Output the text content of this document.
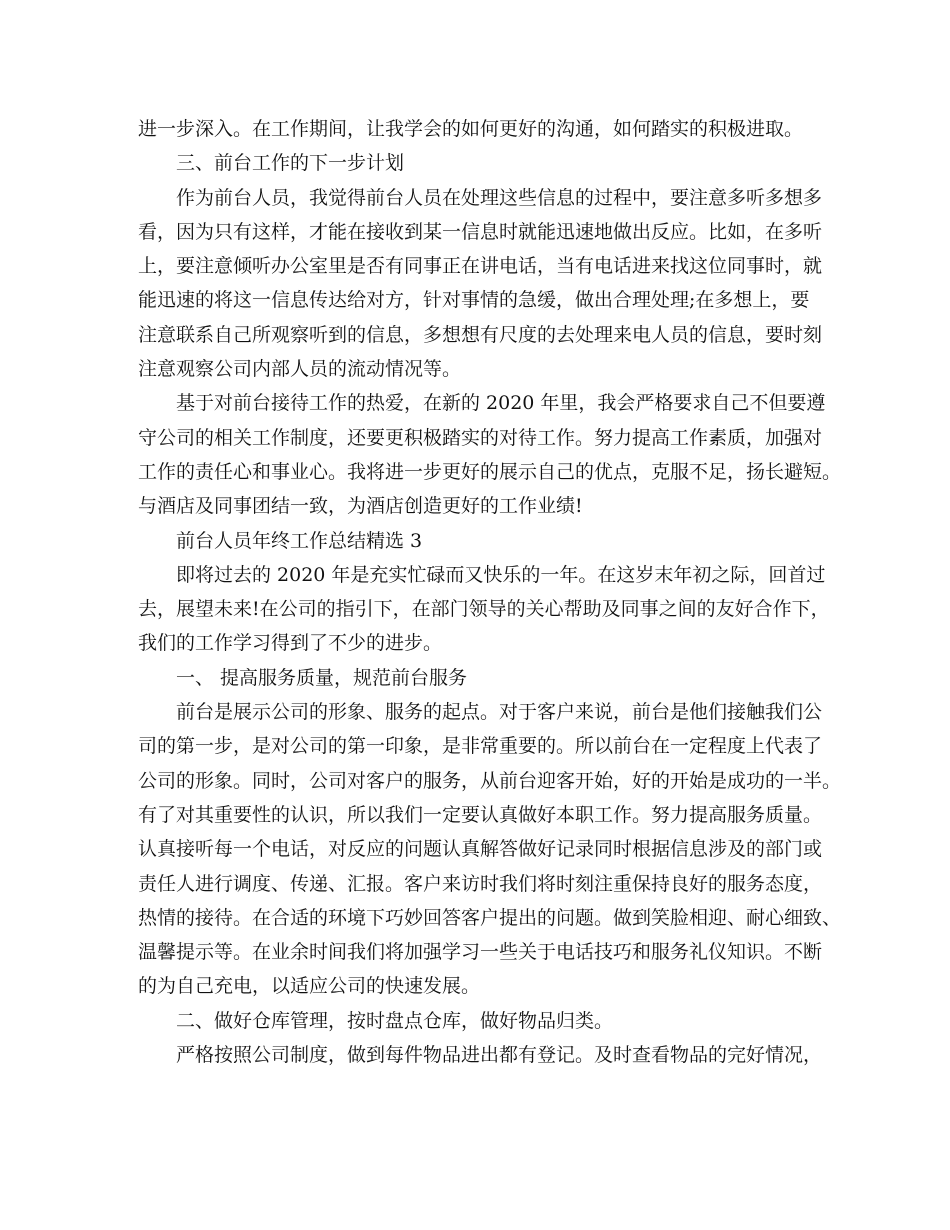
进一步深入。在工作期间，让我学会的如何更好的沟通，如何踏实的积极进取。
三、前台工作的下一步计划
作为前台人员，我觉得前台人员在处理这些信息的过程中，要注意多听多想多
看，因为只有这样，才能在接收到某一信息时就能迅速地做出反应。比如，在多听
上，要注意倾听办公室里是否有同事正在讲电话，当有电话进来找这位同事时，就
能迅速的将这一信息传达给对方，针对事情的急缓，做出合理处理;在多想上，要
注意联系自己所观察听到的信息，多想想有尺度的去处理来电人员的信息，要时刻
注意观察公司内部人员的流动情况等。
基于对前台接待工作的热爱，在新的 2020 年里，我会严格要求自己不但要遵
守公司的相关工作制度，还要更积极踏实的对待工作。努力提高工作素质，加强对
工作的责任心和事业心。我将进一步更好的展示自己的优点，克服不足，扬长避短。
与酒店及同事团结一致，为酒店创造更好的工作业绩!
前台人员年终工作总结精选 3
即将过去的 2020 年是充实忙碌而又快乐的一年。在这岁末年初之际，回首过
去，展望未来!在公司的指引下，在部门领导的关心帮助及同事之间的友好合作下，
我们的工作学习得到了不少的进步。
一、 提高服务质量，规范前台服务
前台是展示公司的形象、服务的起点。对于客户来说，前台是他们接触我们公
司的第一步，是对公司的第一印象，是非常重要的。所以前台在一定程度上代表了
公司的形象。同时，公司对客户的服务，从前台迎客开始，好的开始是成功的一半。
有了对其重要性的认识，所以我们一定要认真做好本职工作。努力提高服务质量。
认真接听每一个电话，对反应的问题认真解答做好记录同时根据信息涉及的部门或
责任人进行调度、传递、汇报。客户来访时我们将时刻注重保持良好的服务态度，
热情的接待。在合适的环境下巧妙回答客户提出的问题。做到笑脸相迎、耐心细致、
温馨提示等。在业余时间我们将加强学习一些关于电话技巧和服务礼仪知识。不断
的为自己充电，以适应公司的快速发展。
二、做好仓库管理，按时盘点仓库，做好物品归类。
严格按照公司制度，做到每件物品进出都有登记。及时查看物品的完好情况，
